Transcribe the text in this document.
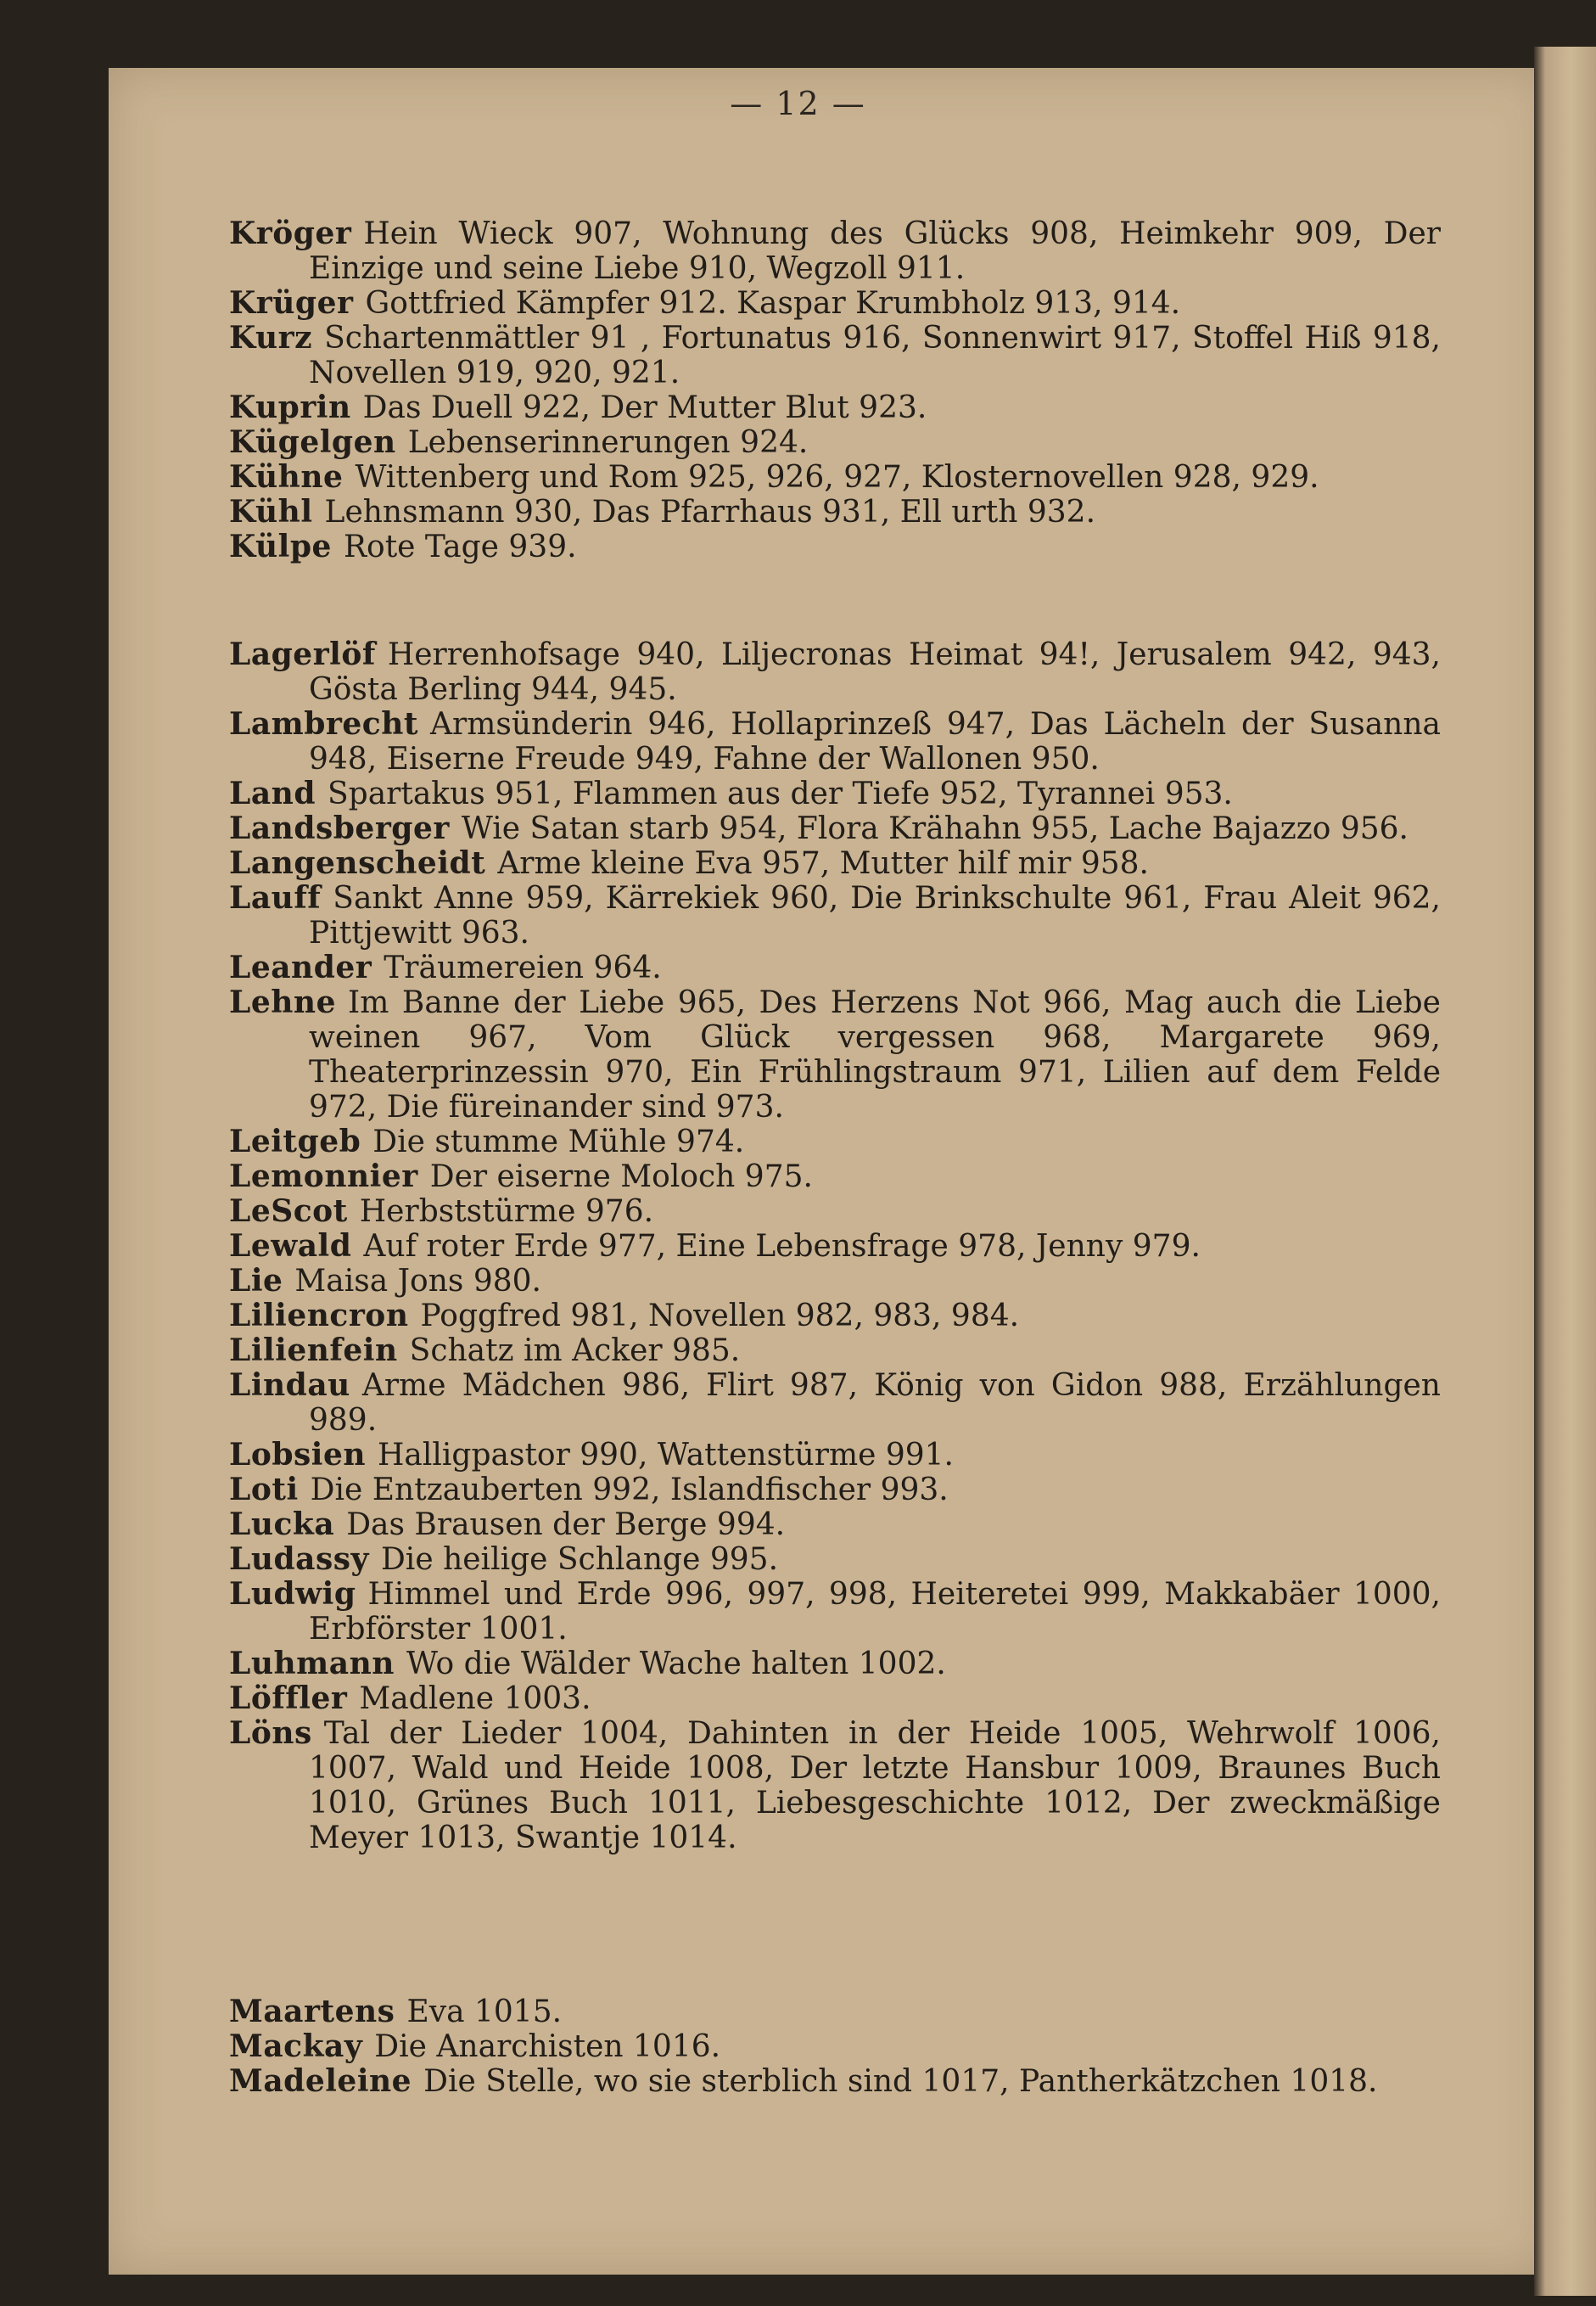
— 12 —
Kröger Hein Wieck 907, Wohnung des Glücks 908, Heimkehr 909, Der Einzige und seine Liebe 910, Wegzoll 911.
Krüger Gottfried Kämpfer 912. Kaspar Krumbholz 913, 914.
Kurz Schartenmättler 91 , Fortunatus 916, Sonnenwirt 917, Stoffel Hiß 918, Novellen 919, 920, 921.
Kuprin Das Duell 922, Der Mutter Blut 923.
Kügelgen Lebenserinnerungen 924.
Kühne Wittenberg und Rom 925, 926, 927, Klosternovellen 928, 929.
Kühl Lehnsmann 930, Das Pfarrhaus 931, Ell urth 932.
Külpe Rote Tage 939.
Lagerlöf Herrenhofsage 940, Liljecronas Heimat 94!, Jerusalem 942, 943, Gösta Berling 944, 945.
Lambrecht Armsünderin 946, Hollaprinzeß 947, Das Lächeln der Susanna 948, Eiserne Freude 949, Fahne der Wallonen 950.
Land Spartakus 951, Flammen aus der Tiefe 952, Tyrannei 953.
Landsberger Wie Satan starb 954, Flora Krähahn 955, Lache Bajazzo 956.
Langenscheidt Arme kleine Eva 957, Mutter hilf mir 958.
Lauff Sankt Anne 959, Kärrekiek 960, Die Brinkschulte 961, Frau Aleit 962, Pittjewitt 963.
Leander Träumereien 964.
Lehne Im Banne der Liebe 965, Des Herzens Not 966, Mag auch die Liebe weinen 967, Vom Glück vergessen 968, Margarete 969, Theaterprinzessin 970, Ein Frühlingstraum 971, Lilien auf dem Felde 972, Die füreinander sind 973.
Leitgeb Die stumme Mühle 974.
Lemonnier Der eiserne Moloch 975.
LeScot Herbststürme 976.
Lewald Auf roter Erde 977, Eine Lebensfrage 978, Jenny 979.
Lie Maisa Jons 980.
Liliencron Poggfred 981, Novellen 982, 983, 984.
Lilienfein Schatz im Acker 985.
Lindau Arme Mädchen 986, Flirt 987, König von Gidon 988, Erzählungen 989.
Lobsien Halligpastor 990, Wattenstürme 991.
Loti Die Entzauberten 992, Islandfischer 993.
Lucka Das Brausen der Berge 994.
Ludassy Die heilige Schlange 995.
Ludwig Himmel und Erde 996, 997, 998, Heiteretei 999, Makkabäer 1000, Erbförster 1001.
Luhmann Wo die Wälder Wache halten 1002.
Löffler Madlene 1003.
Löns Tal der Lieder 1004, Dahinten in der Heide 1005, Wehrwolf 1006, 1007, Wald und Heide 1008, Der letzte Hansbur 1009, Braunes Buch 1010, Grünes Buch 1011, Liebesgeschichte 1012, Der zweckmäßige Meyer 1013, Swantje 1014.
Maartens Eva 1015.
Mackay Die Anarchisten 1016.
Madeleine Die Stelle, wo sie sterblich sind 1017, Pantherkätzchen 1018.
